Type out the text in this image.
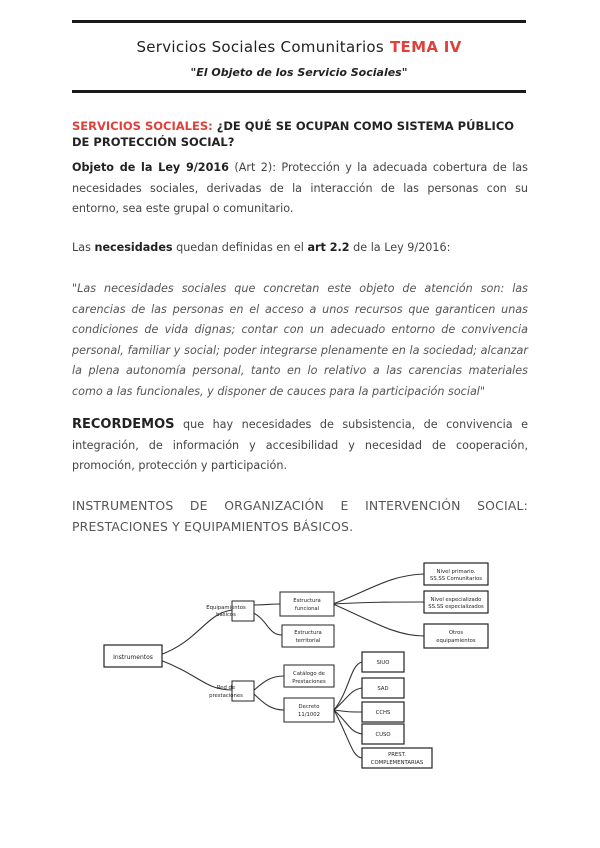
Servicios Sociales Comunitarios TEMA IV
"El Objeto de los Servicio Sociales"
SERVICIOS SOCIALES: ¿DE QUÉ SE OCUPAN COMO SISTEMA PÚBLICO DE PROTECCIÓN SOCIAL?
Objeto de la Ley 9/2016 (Art 2): Protección y la adecuada cobertura de las necesidades sociales, derivadas de la interacción de las personas con su entorno, sea este grupal o comunitario.
Las necesidades quedan definidas en el art 2.2 de la Ley 9/2016:
"Las necesidades sociales que concretan este objeto de atención son: las carencias de las personas en el acceso a unos recursos que garanticen unas condiciones de vida dignas; contar con un adecuado entorno de convivencia personal, familiar y social; poder integrarse plenamente en la sociedad; alcanzar la plena autonomía personal, tanto en lo relativo a las carencias materiales como a las funcionales, y disponer de cauces para la participación social"
RECORDEMOS que hay necesidades de subsistencia, de convivencia e integración, de información y accesibilidad y necesidad de cooperación, promoción, protección y participación.
INSTRUMENTOS DE ORGANIZACIÓN E INTERVENCIÓN SOCIAL: PRESTACIONES Y EQUIPAMIENTOS BÁSICOS.
Instrumentos
Equipamientos
básicos
Red de
prestaciones
Estructura
funcional
Estructura
territorial
Nivel primario.
SS.SS Comunitarios
Nivel especializado
SS.SS especializados
Otros
equipamientos
Catálogo de
Prestaciones
Decreto
11/1002
SIUO
SAD
CCHS
CUSO
PREST.
COMPLEMENTARIAS
